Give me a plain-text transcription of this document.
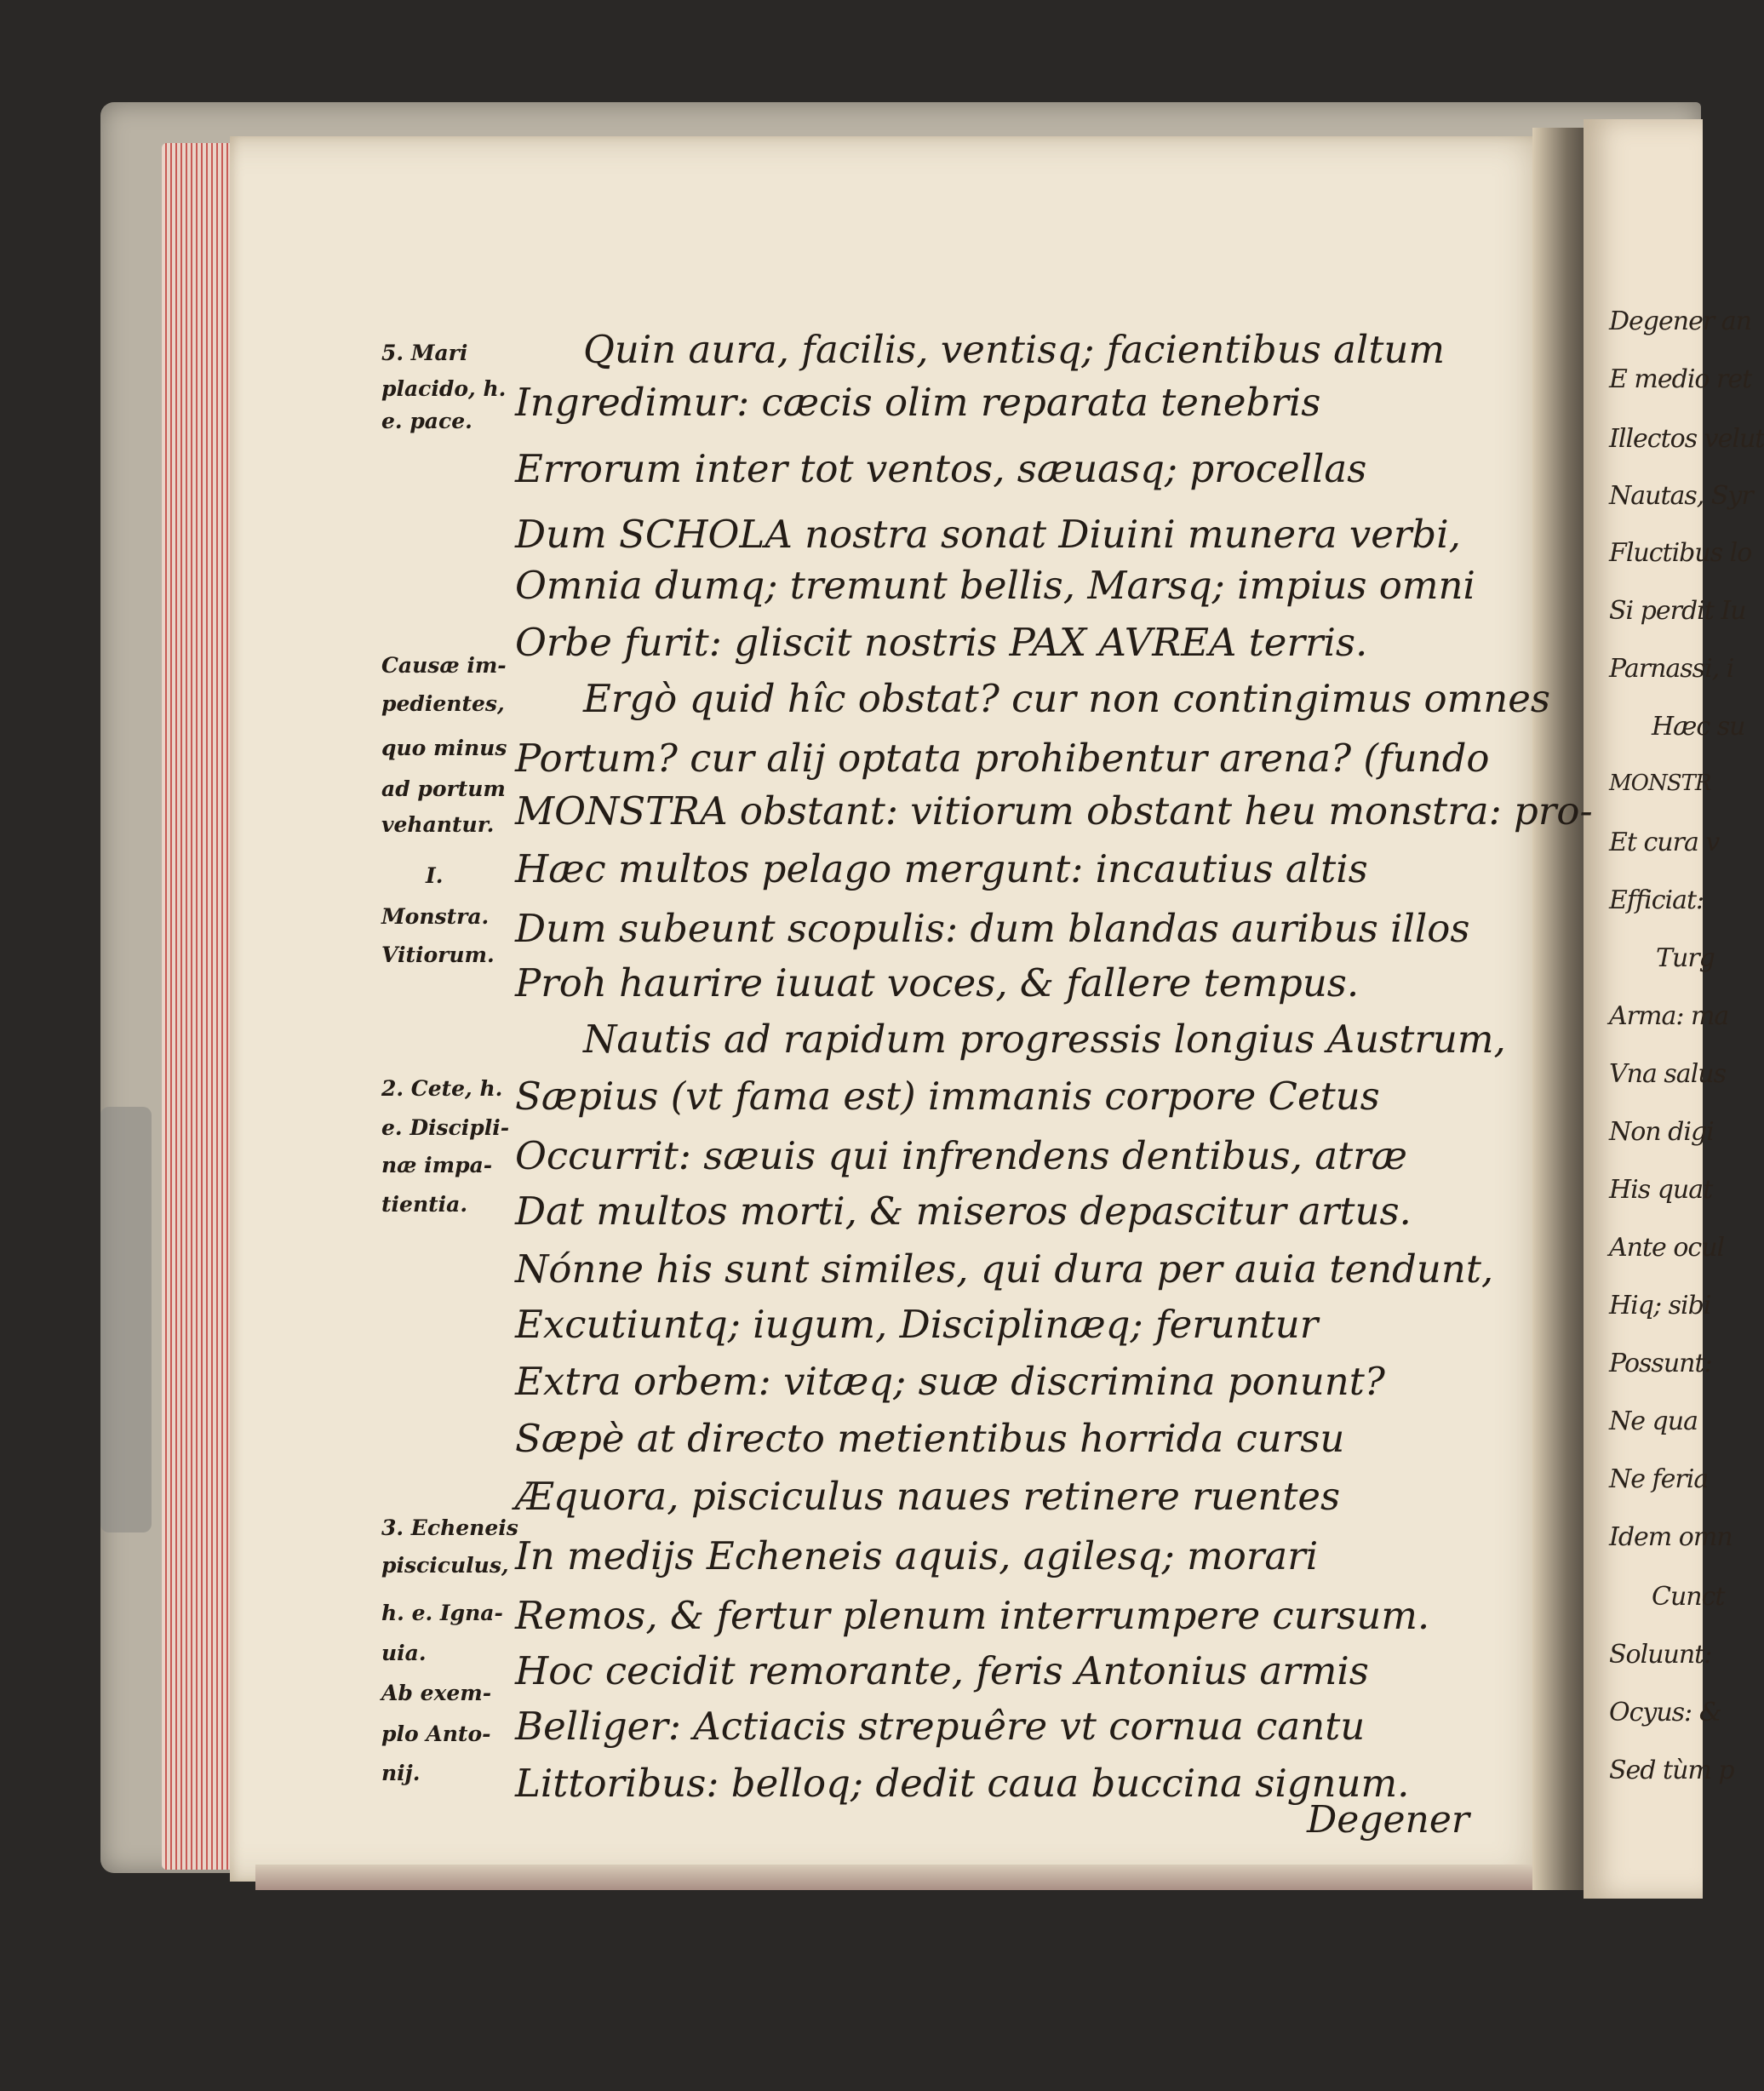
Quin aura, facilis, ventisq; facientibus altum
Ingredimur: cæcis olim reparata tenebris
Errorum inter tot ventos, sæuasq; procellas
Dum SCHOLA nostra sonat Diuini munera verbi,
Omnia dumq; tremunt bellis, Marsq; impius omni
Orbe furit: gliscit nostris PAX AVREA terris.
Ergò quid hîc obstat? cur non contingimus omnes
Portum? cur alij optata prohibentur arena? (fundo
MONSTRA obstant: vitiorum obstant heu monstra: pro-
Hæc multos pelago mergunt: incautius altis
Dum subeunt scopulis: dum blandas auribus illos
Proh haurire iuuat voces, & fallere tempus.
Nautis ad rapidum progressis longius Austrum,
Sæpius (vt fama est) immanis corpore Cetus
Occurrit: sæuis qui infrendens dentibus, atræ
Dat multos morti, & miseros depascitur artus.
Nónne his sunt similes, qui dura per auia tendunt,
Excutiuntq; iugum, Disciplinæq; feruntur
Extra orbem: vitæq; suæ discrimina ponunt?
Sæpè at directo metientibus horrida cursu
Æquora, pisciculus naues retinere ruentes
In medijs Echeneis aquis, agilesq; morari
Remos, & fertur plenum interrumpere cursum.
Hoc cecidit remorante, feris Antonius armis
Belliger: Actiacis strepuêre vt cornua cantu
Littoribus: belloq; dedit caua buccina signum.
5. Mari
placido, h.
e. pace.
Causæ im-
pedientes,
quo minus
ad portum
vehantur.
I.
Monstra.
Vitiorum.
2. Cete, h.
e. Discipli-
næ impa-
tientia.
3. Echeneis
pisciculus,
h. e. Igna-
uia.
Ab exem-
plo Anto-
nij.
Degener
Degener an
E medio ret
Illectos velut
Nautas, Syr
Fluctibus lo
Si perdit Iu
Parnassi, i
Hæc su
MONSTR
Et cura v
Efficiat:
Turg
Arma: ma
Vna salus
Non digi
His quat
Ante ocul
Hiq; sibi
Possunt:
Ne qua
Ne feria
Idem omn
Cunct
Soluunt:
Ocyus: &
Sed tùm p
